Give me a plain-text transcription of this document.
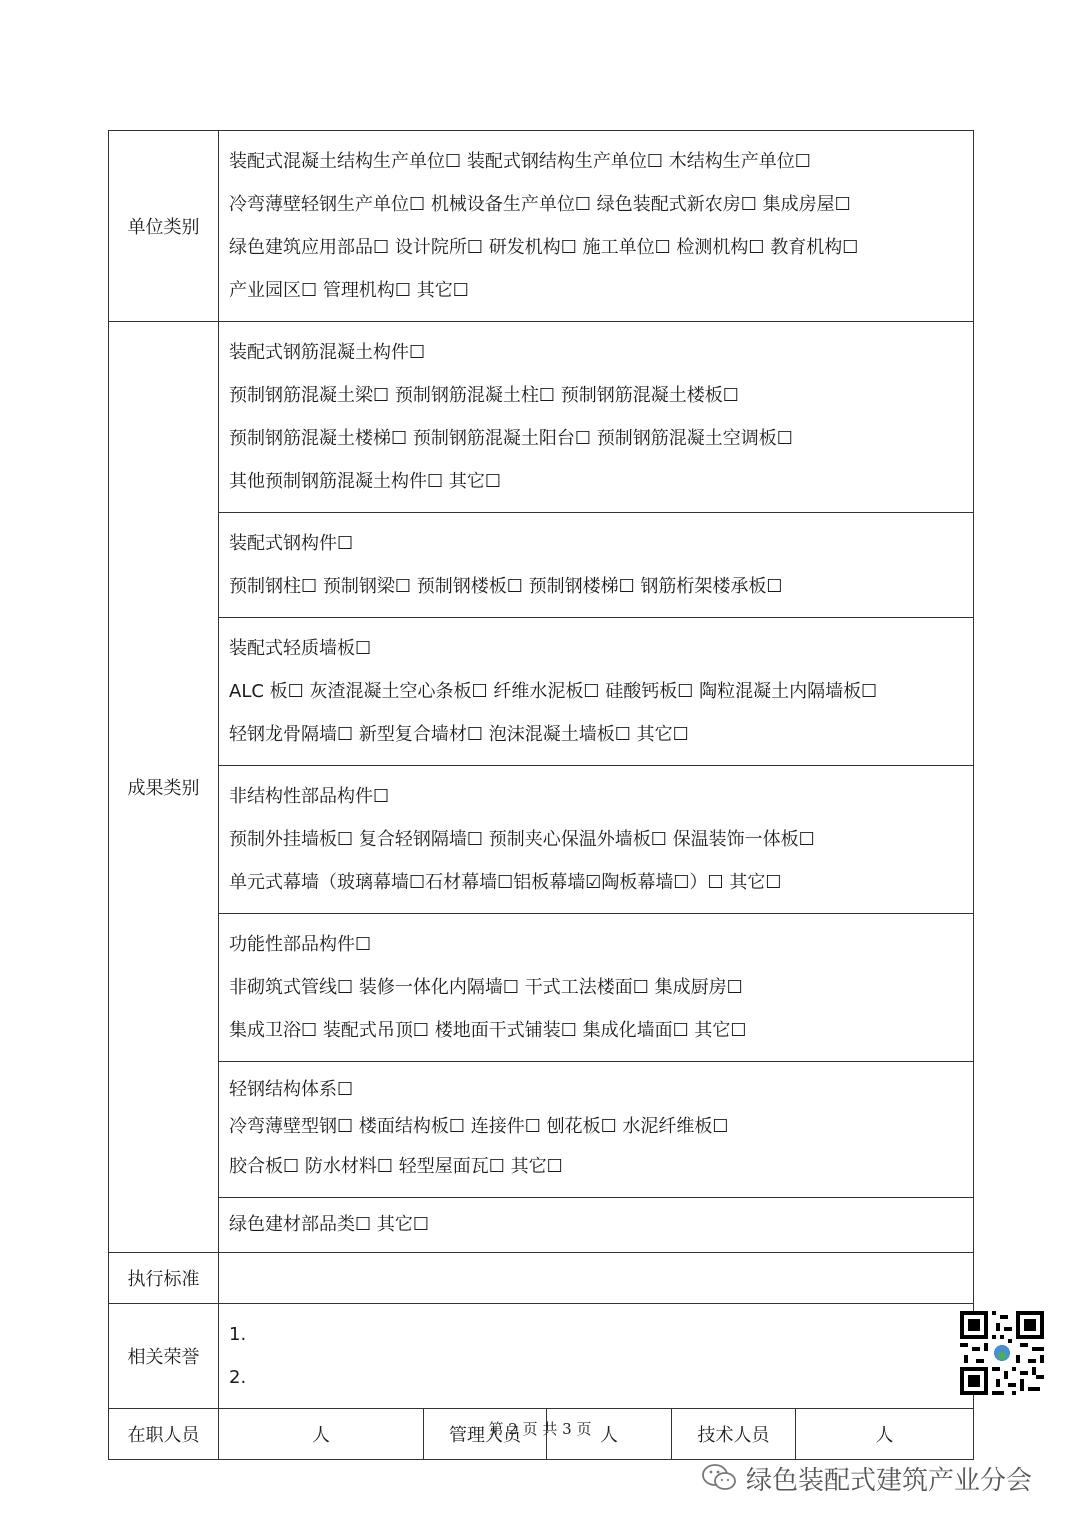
单位类别	装配式混凝土结构生产单位☐ 装配式钢结构生产单位☐ 木结构生产单位☐
冷弯薄壁轻钢生产单位☐ 机械设备生产单位☐ 绿色装配式新农房☐ 集成房屋☐
绿色建筑应用部品☐ 设计院所☐ 研发机构☐ 施工单位☐ 检测机构☐ 教育机构☐
产业园区☐ 管理机构☐ 其它☐				

成果类别	装配式钢筋混凝土构件☐
预制钢筋混凝土梁☐ 预制钢筋混凝土柱☐ 预制钢筋混凝土楼板☐
预制钢筋混凝土楼梯☐ 预制钢筋混凝土阳台☐ 预制钢筋混凝土空调板☐
其他预制钢筋混凝土构件☐ 其它☐				

	装配式钢构件☐
预制钢柱☐ 预制钢梁☐ 预制钢楼板☐ 预制钢楼梯☐ 钢筋桁架楼承板☐				

	装配式轻质墙板☐
ALC 板☐ 灰渣混凝土空心条板☐ 纤维水泥板☐ 硅酸钙板☐ 陶粒混凝土内隔墙板☐
轻钢龙骨隔墙☐ 新型复合墙材☐ 泡沫混凝土墙板☐ 其它☐				

	非结构性部品构件☐
预制外挂墙板☐ 复合轻钢隔墙☐ 预制夹心保温外墙板☐ 保温装饰一体板☐
单元式幕墙（玻璃幕墙☐石材幕墙☐铝板幕墙☑陶板幕墙☐）☐ 其它☐				

	功能性部品构件☐
非砌筑式管线☐ 装修一体化内隔墙☐ 干式工法楼面☐ 集成厨房☐
集成卫浴☐ 装配式吊顶☐ 楼地面干式铺装☐ 集成化墙面☐ 其它☐				

	轻钢结构体系☐
冷弯薄壁型钢☐ 楼面结构板☐ 连接件☐ 刨花板☐ 水泥纤维板☐
胶合板☐ 防水材料☐ 轻型屋面瓦☐ 其它☐				

	绿色建材部品类☐ 其它☐				

执行标准					
相关荣誉	1.
2.				

在职人员	人	管理人员	人	技术人员	人
第 2 页 共 3 页
绿色装配式建筑产业分会
